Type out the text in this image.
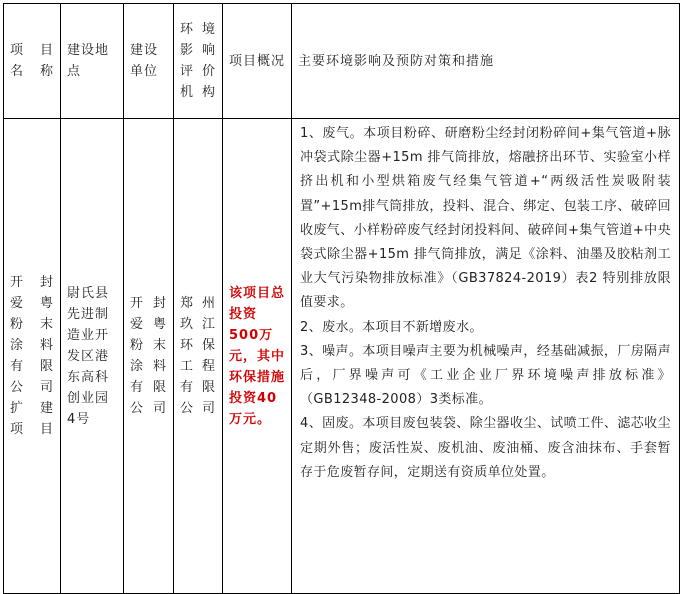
项 目 名称	建设地点	建设单位	环 境 影 响 评 价 机构	项目概况	主要环境影响及预防对策和措施
开 封 爱 粤 粉 末 涂 料 有 限 公 司 扩 建 项目	尉氏县先进制造业开发区港东高科创业园4号	开 封 爱 粤 粉 末 涂 料 有 限 公司	郑 州 玖 江 环 保 工 程 有 限 公司	该项目总投资500万元，其中环保措施投资40万元。	1、废气。本项目粉碎、研磨粉尘经封闭粉碎间+集气管道+脉冲袋式除尘器+15m 排气筒排放，熔融挤出环节、实验室小样挤出机和小型烘箱废气经集气管道+“两级活性炭吸附装置”+15m排气筒排放，投料、混合、绑定、包装工序、破碎回收废气、小样粉碎废气经封闭投料间、破碎间+集气管道+中央袋式除尘器+15m 排气筒排放，满足《涂料、油墨及胶粘剂工业大气污染物排放标准》（GB37824-2019）表2 特别排放限值要求。

2、废水。本项目不新增废水。

3、噪声。本项目噪声主要为机械噪声，经基础减振，厂房隔声后，厂界噪声可《工业企业厂界环境噪声排放标准》（GB12348-2008）3类标准。

4、固废。本项目废包装袋、除尘器收尘、试喷工件、滤芯收尘定期外售；废活性炭、废机油、废油桶、废含油抹布、手套暂存于危废暂存间，定期送有资质单位处置。
